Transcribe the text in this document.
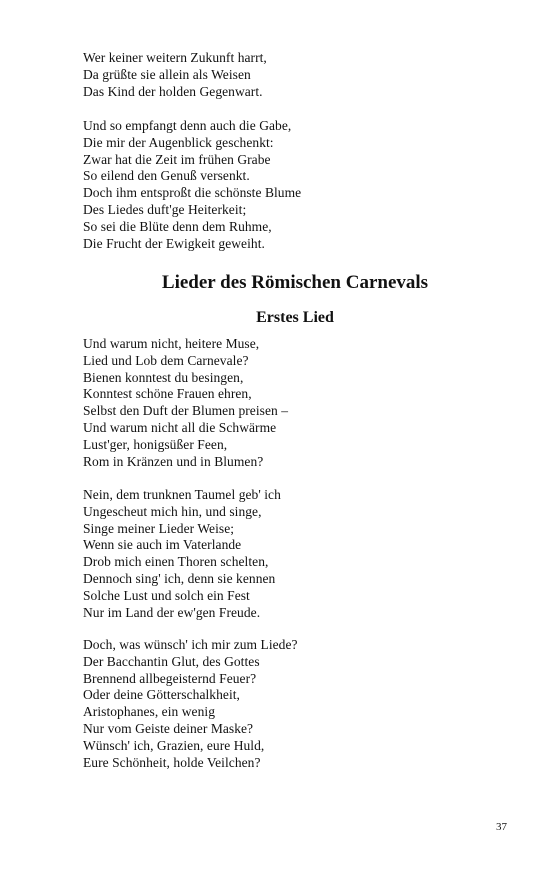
Wer keiner weitern Zukunft harrt,
Da grüßte sie allein als Weisen
Das Kind der holden Gegenwart.
Und so empfangt denn auch die Gabe,
Die mir der Augenblick geschenkt:
Zwar hat die Zeit im frühen Grabe
So eilend den Genuß versenkt.
Doch ihm entsproßt die schönste Blume
Des Liedes duft'ge Heiterkeit;
So sei die Blüte denn dem Ruhme,
Die Frucht der Ewigkeit geweiht.
Lieder des Römischen Carnevals
Erstes Lied
Und warum nicht, heitere Muse,
Lied und Lob dem Carnevale?
Bienen konntest du besingen,
Konntest schöne Frauen ehren,
Selbst den Duft der Blumen preisen –
Und warum nicht all die Schwärme
Lust'ger, honigsüßer Feen,
Rom in Kränzen und in Blumen?
Nein, dem trunknen Taumel geb' ich
Ungescheut mich hin, und singe,
Singe meiner Lieder Weise;
Wenn sie auch im Vaterlande
Drob mich einen Thoren schelten,
Dennoch sing' ich, denn sie kennen
Solche Lust und solch ein Fest
Nur im Land der ew'gen Freude.
Doch, was wünsch' ich mir zum Liede?
Der Bacchantin Glut, des Gottes
Brennend allbegeisternd Feuer?
Oder deine Götterschalkheit,
Aristophanes, ein wenig
Nur vom Geiste deiner Maske?
Wünsch' ich, Grazien, eure Huld,
Eure Schönheit, holde Veilchen?
37
